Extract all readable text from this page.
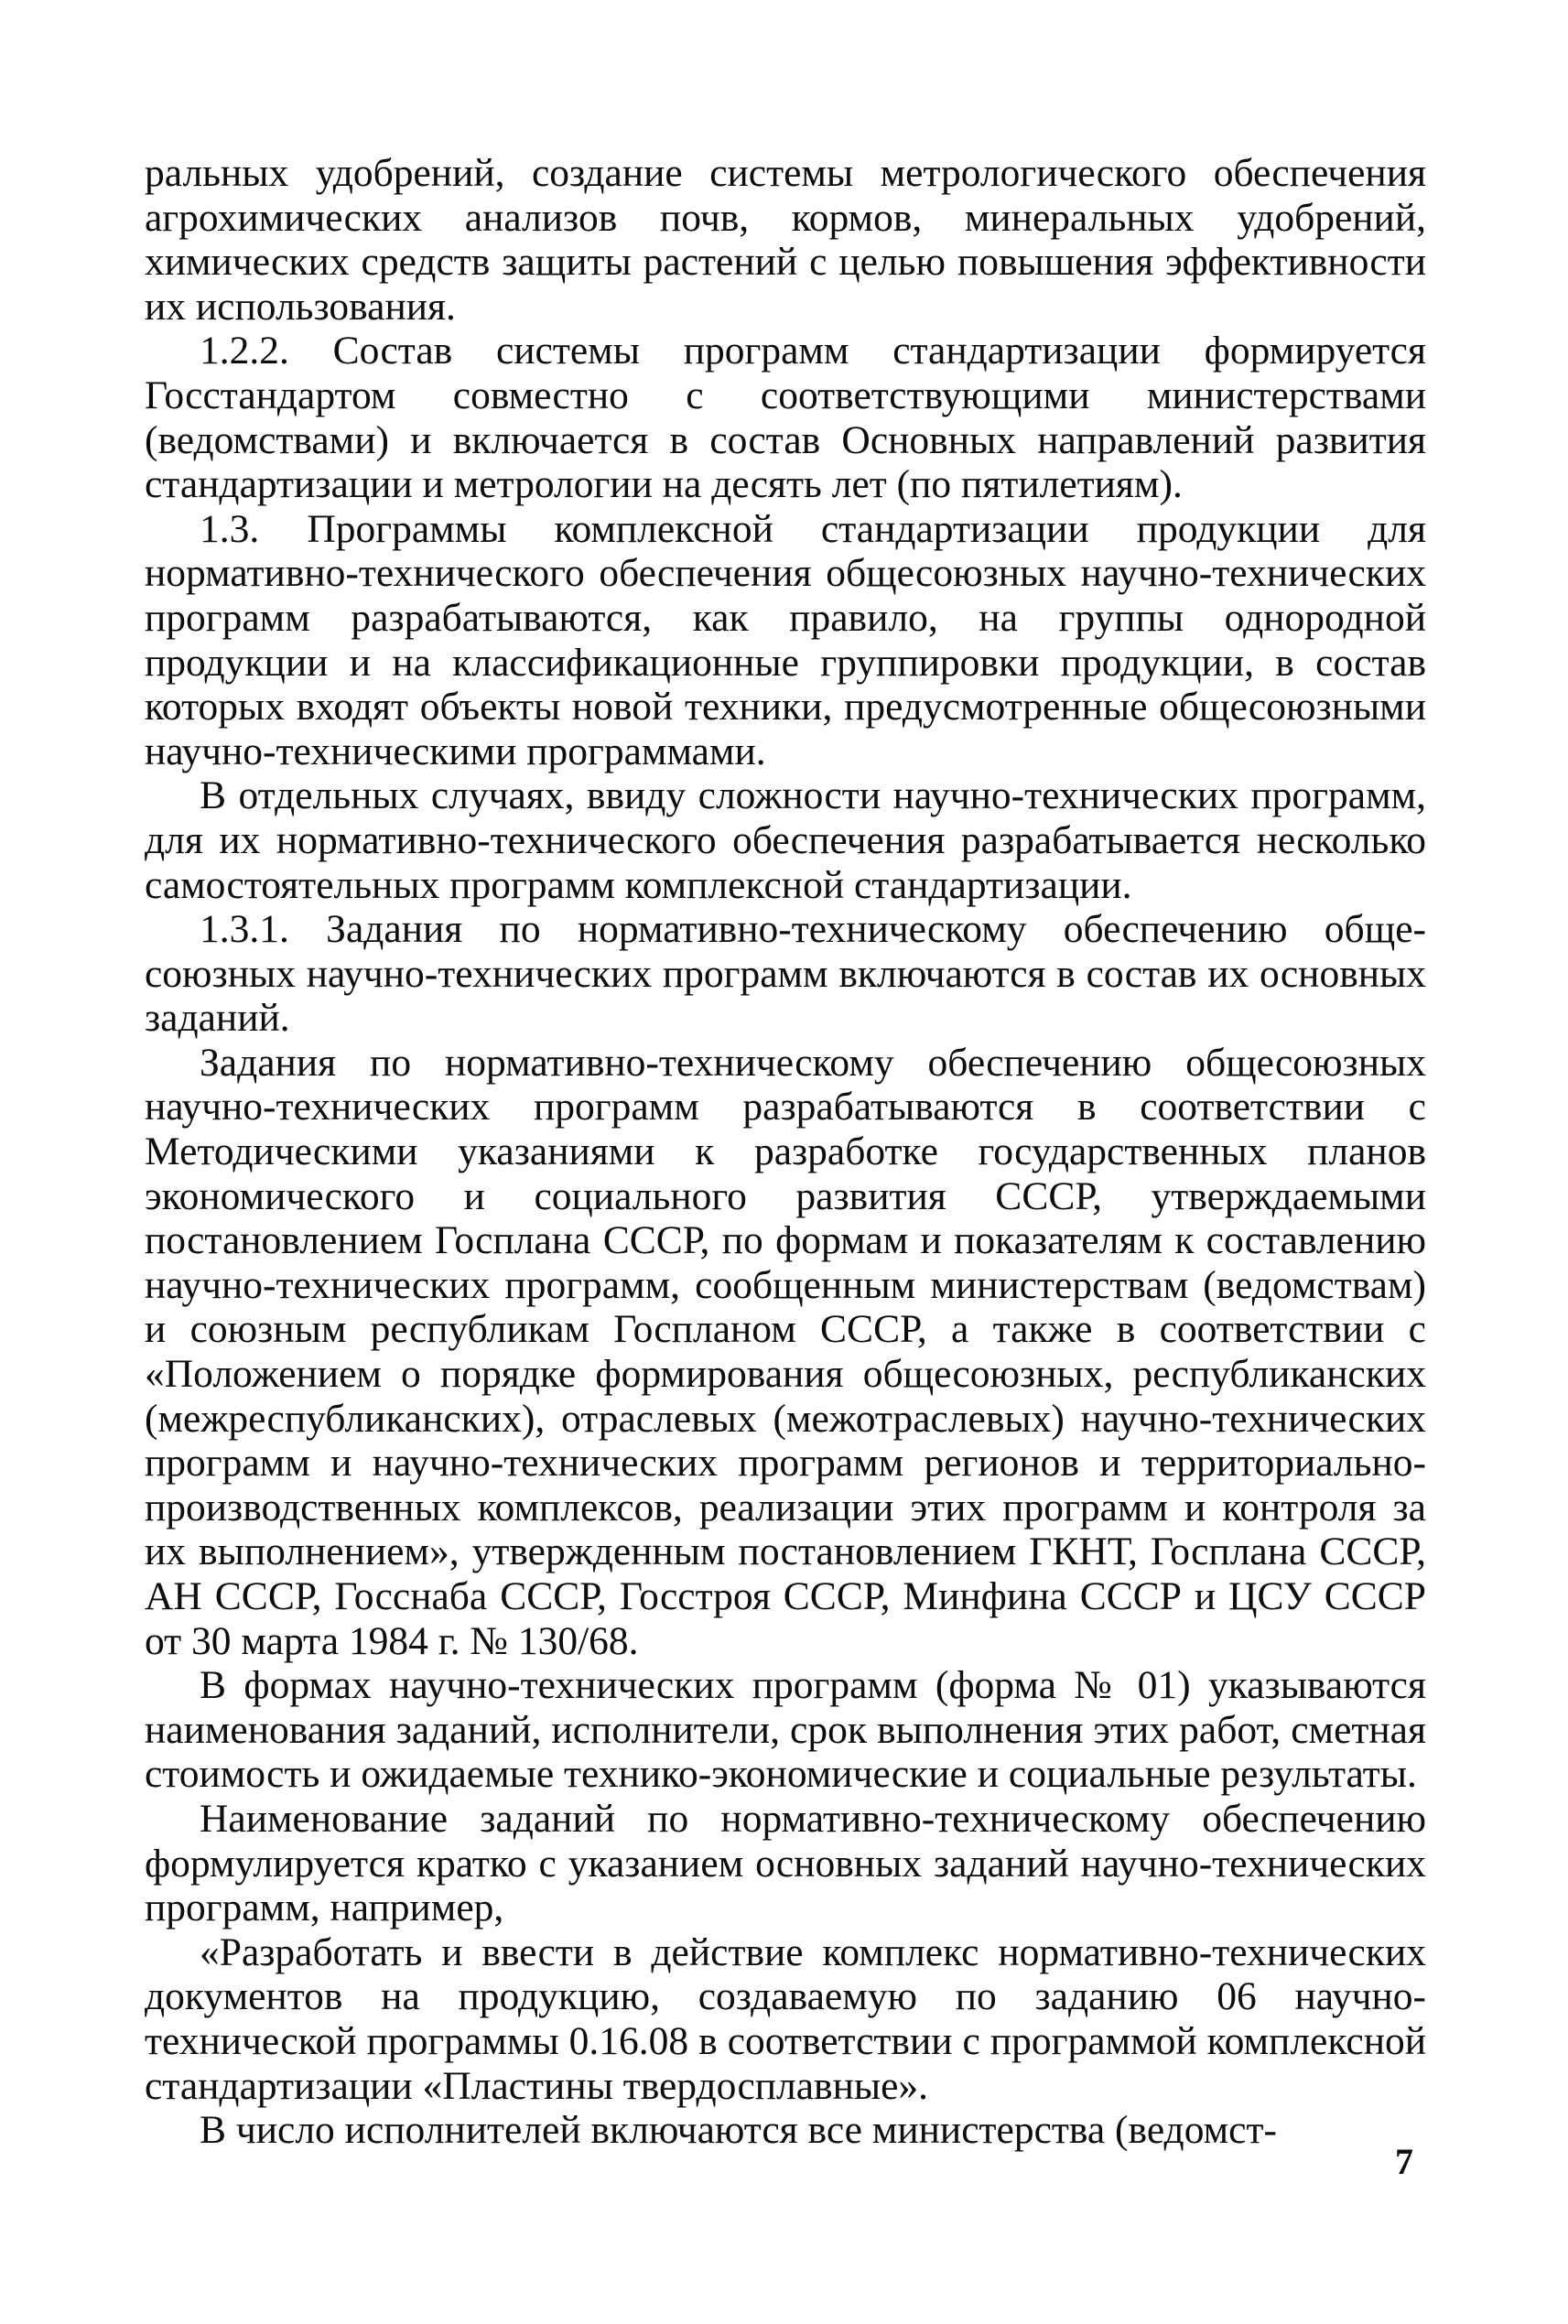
ральных удобрений, создание системы метрологического обеспечения агрохимических анализов почв, кормов, минеральных удобрений, химических средств защиты растений с целью повышения эффективности их использования.

1.2.2. Состав системы программ стандартизации формируется Госстандартом совместно с соответствующими министерствами (ведомствами) и включается в состав Основных направлений развития стандартизации и метрологии на десять лет (по пятилетиям).

1.3. Программы комплексной стандартизации продукции для нормативно-технического обеспечения общесоюзных научно-технических программ разрабатываются, как правило, на группы однородной продукции и на классификационные группировки продукции, в состав которых входят объекты новой техники, предусмотренные общесоюзными научно-техническими программами.

В отдельных случаях, ввиду сложности научно-технических программ, для их нормативно-технического обеспечения разрабатывается несколько самостоятельных программ комплексной стандартизации.

1.3.1. Задания по нормативно-техническому обеспечению общесоюзных научно-технических программ включаются в состав их основных заданий.

Задания по нормативно-техническому обеспечению общесоюзных научно-технических программ разрабатываются в соответствии с Методическими указаниями к разработке государственных планов экономического и социального развития СССР, утверждаемыми постановлением Госплана СССР, по формам и показателям к составлению научно-технических программ, сообщенным министерствам (ведомствам) и союзным республикам Госпланом СССР, а также в соответствии с «Положением о порядке формирования общесоюзных, республиканских (межреспубликанских), отраслевых (межотраслевых) научно-технических программ и научно-технических программ регионов и территориально-производственных комплексов, реализации этих программ и контроля за их выполнением», утвержденным постановлением ГКНТ, Госплана СССР, АН СССР, Госснаба СССР, Госстроя СССР, Минфина СССР и ЦСУ СССР от 30 марта 1984 г. № 130/68.

В формах научно-технических программ (форма № 01) указываются наименования заданий, исполнители, срок выполнения этих работ, сметная стоимость и ожидаемые технико-экономические и социальные результаты.

Наименование заданий по нормативно-техническому обеспечению формулируется кратко с указанием основных заданий научно-технических программ, например,

«Разработать и ввести в действие комплекс нормативно-технических документов на продукцию, создаваемую по заданию 06 научно-технической программы 0.16.08 в соответствии с программой комплексной стандартизации «Пластины твердосплавные».

В число исполнителей включаются все министерства (ведомст-

7
